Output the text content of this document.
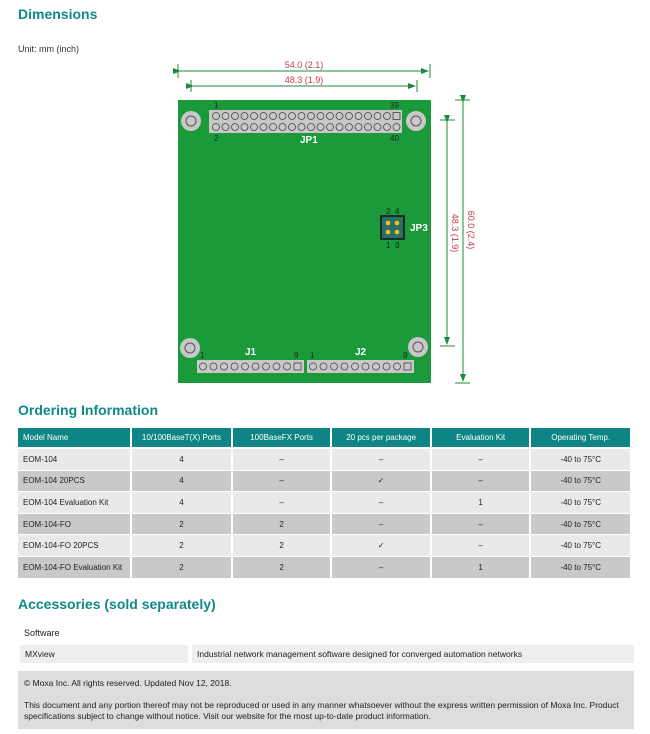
Dimensions
Unit: mm (inch)
54.0 (2.1)
48.3 (1.9)
60.0 (2.4)
48.3 (1.9)
1
2
39
40
JP1
2 4
1 3
JP3
1	9 1	9
J1	J2
Ordering Information
Model Name	10/100BaseT(X) Ports	100BaseFX Ports	20 pcs per package	Evaluation Kit	Operating Temp.
EOM-104	4	–	–	–	-40 to 75°C
EOM-104 20PCS	4	–	✓	–	-40 to 75°C
EOM-104 Evaluation Kit	4	–	–	1	-40 to 75°C
EOM-104-FO	2	2	–	–	-40 to 75°C
EOM-104-FO 20PCS	2	2	✓	–	-40 to 75°C
EOM-104-FO Evaluation Kit	2	2	–	1	-40 to 75°C
Accessories (sold separately)
Software
MXview	Industrial network management software designed for converged automation networks

© Moxa Inc. All rights reserved. Updated Nov 12, 2018.

This document and any portion thereof may not be reproduced or used in any manner whatsoever without the express written permission of Moxa Inc. Product specifications subject to change without notice. Visit our website for the most up-to-date product information.
